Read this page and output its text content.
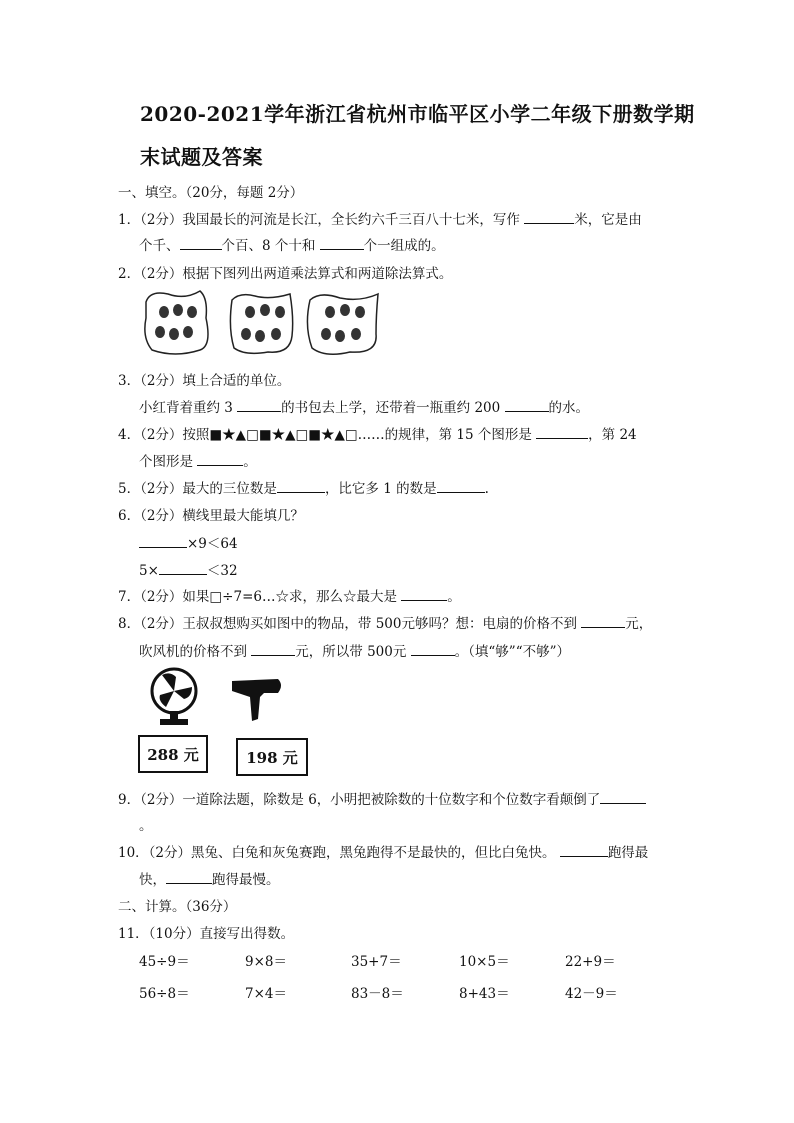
2020-2021学年浙江省杭州市临平区小学二年级下册数学期
末试题及答案
一、填空。（20分，每题 2分）
1．（2分）我国最长的河流是长江，全长约六千三百八十七米，写作	米，它是由
个千、	个百、8 个十和	个一组成的。
2．（2分）根据下图列出两道乘法算式和两道除法算式。
3．（2分）填上合适的单位。
小红背着重约 3	的书包去上学，还带着一瓶重约 200	的水。
4．（2分）按照■★▲□■★▲□■★▲□……的规律，第 15 个图形是	，第 24
个图形是	。
5．（2分）最大的三位数是	，比它多 1 的数是	.
6．（2分）横线里最大能填几？
×9＜64
5×	＜32
7．（2分）如果□÷7=6…☆求，那么☆最大是	。
8．（2分）王叔叔想购买如图中的物品，带 500元够吗？想：电扇的价格不到	元，
吹风机的价格不到	元，所以带 500元	。（填“够”“不够”）
288 元	198 元
9．（2分）一道除法题，除数是 6，小明把被除数的十位数字和个位数字看颠倒了
。
10．（2分）黑兔、白兔和灰兔赛跑，黑兔跑得不是最快的，但比白兔快。	跑得最
快，	跑得最慢。
二、计算。（36分）
11．（10分）直接写出得数。
45÷9＝	9×8＝	35+7＝	10×5＝	22+9＝
56÷8＝	7×4＝	83－8＝	8+43＝	42－9＝
